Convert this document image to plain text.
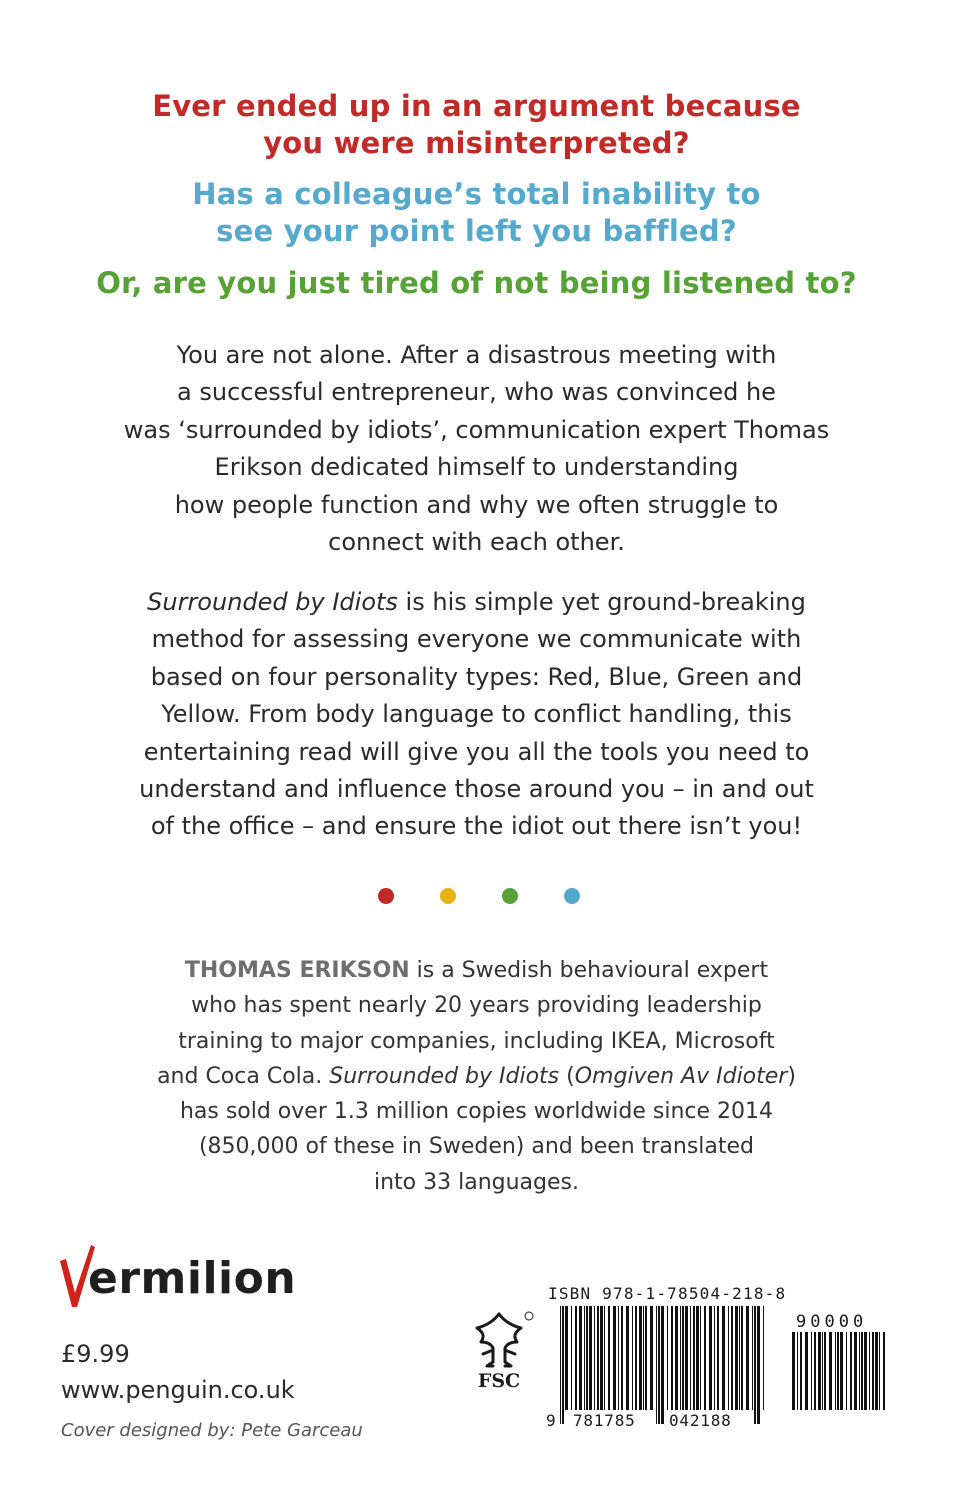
Ever ended up in an argument because
you were misinterpreted?
Has a colleague’s total inability to
see your point left you baffled?
Or, are you just tired of not being listened to?
You are not alone. After a disastrous meeting with
a successful entrepreneur, who was convinced he
was ‘surrounded by idiots’, communication expert Thomas
Erikson dedicated himself to understanding
how people function and why we often struggle to
connect with each other.
Surrounded by Idiots is his simple yet ground-breaking
method for assessing everyone we communicate with
based on four personality types: Red, Blue, Green and
Yellow. From body language to conflict handling, this
entertaining read will give you all the tools you need to
understand and influence those around you – in and out
of the office – and ensure the idiot out there isn’t you!
THOMAS ERIKSON is a Swedish behavioural expert
who has spent nearly 20 years providing leadership
training to major companies, including IKEA, Microsoft
and Coca Cola. Surrounded by Idiots (Omgiven Av Idioter)
has sold over 1.3 million copies worldwide since 2014
(850,000 of these in Sweden) and been translated
into 33 languages.
ermilion
£9.99
www.penguin.co.uk
Cover designed by: Pete Garceau
FSC
ISBN 978-1-78504-218-8
9 781785 042188
90000
